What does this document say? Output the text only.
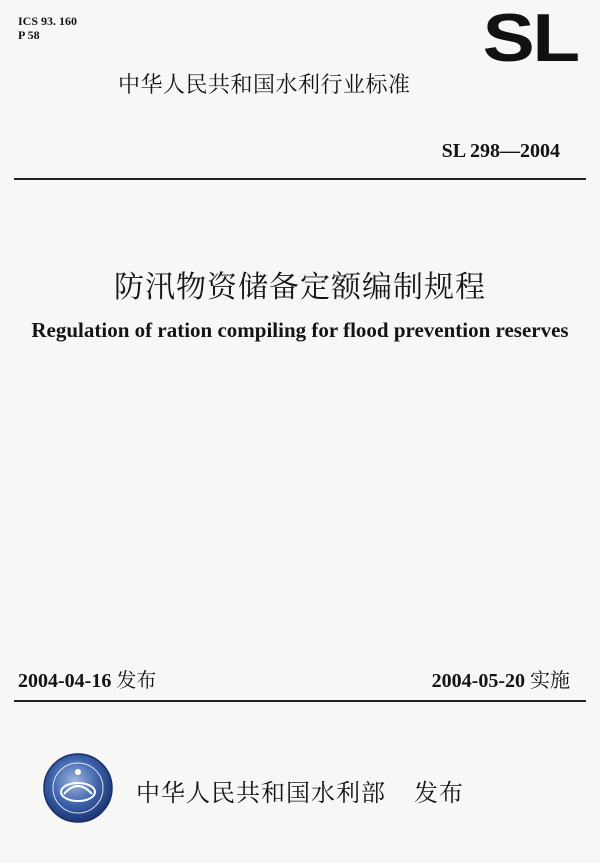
ICS 93. 160
P 58	SL
中华人民共和国水利行业标准
SL 298—2004
防汛物资储备定额编制规程
Regulation of ration compiling for flood prevention reserves
2004-04-16 发布	2004-05-20 实施
中华人民共和国水利部 发布
